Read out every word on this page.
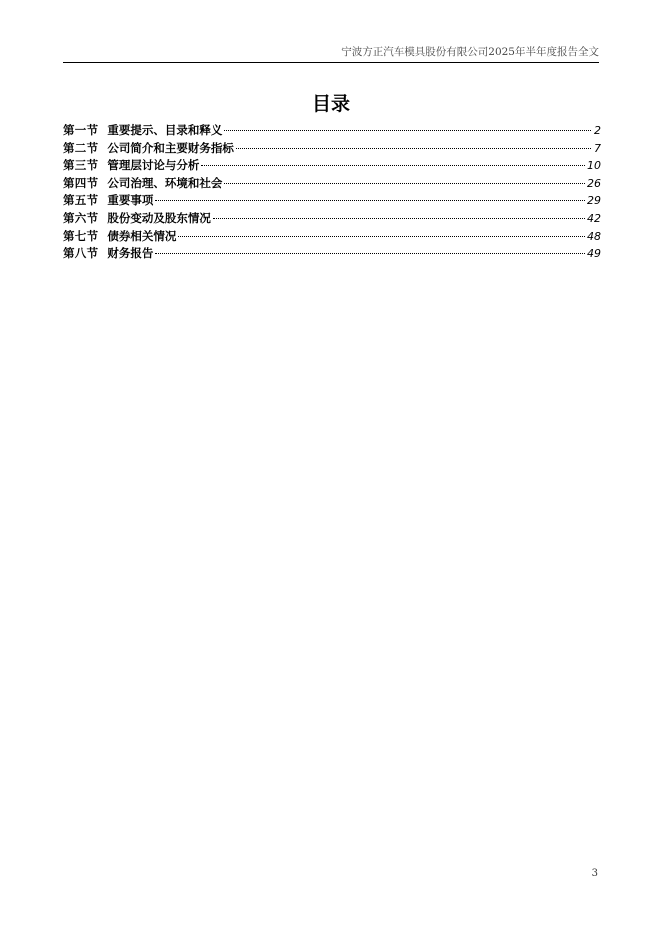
宁波方正汽车模具股份有限公司2025年半年度报告全文
目录
第一节 重要提示、目录和释义	2
第二节 公司简介和主要财务指标	7
第三节 管理层讨论与分析	10
第四节 公司治理、环境和社会	26
第五节 重要事项	29
第六节 股份变动及股东情况	42
第七节 债券相关情况	48
第八节 财务报告	49
3
